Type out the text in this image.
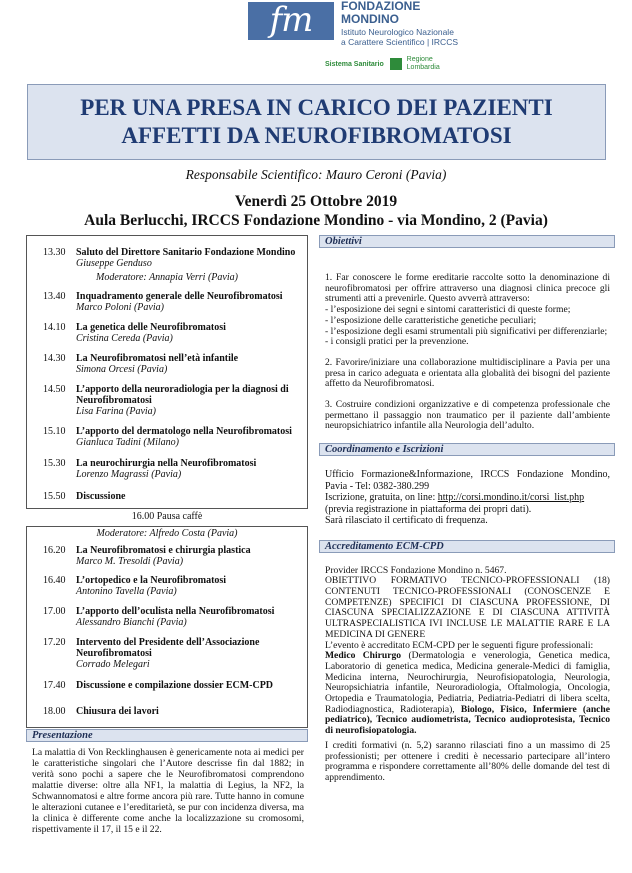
fm	FONDAZIONE
MONDINO
Istituto Neurologico Nazionale
a Carattere Scientifico | IRCCS
Sistema Sanitario  Regione
Lombardia
PER UNA PRESA IN CARICO DEI PAZIENTI
AFFETTI DA NEUROFIBROMATOSI
Responsabile Scientifico: Mauro Ceroni (Pavia)
Venerdì 25 Ottobre 2019
Aula Berlucchi, IRCCS Fondazione Mondino - via Mondino, 2 (Pavia)
13.30	Saluto del Direttore Sanitario Fondazione Mondino
Giuseppe Genduso
Moderatore: Annapia Verri (Pavia)
13.40	Inquadramento generale delle Neurofibromatosi
Marco Poloni (Pavia)
14.10	La genetica delle Neurofibromatosi
Cristina Cereda (Pavia)
14.30	La Neurofibromatosi nell’età infantile
Simona Orcesi (Pavia)
14.50	L’apporto della neuroradiologia per la diagnosi di Neurofibromatosi
Lisa Farina (Pavia)
15.10	L’apporto del dermatologo nella Neurofibromatosi
Gianluca Tadini (Milano)
15.30	La neurochirurgia nella Neurofibromatosi
Lorenzo Magrassi (Pavia)
15.50	Discussione
Moderatore: Alfredo Costa (Pavia)
16.20	La Neurofibromatosi e chirurgia plastica
Marco M. Tresoldi (Pavia)
16.40	L’ortopedico e la Neurofibromatosi
Antonino Tavella (Pavia)
17.00	L’apporto dell’oculista nella Neurofibromatosi
Alessandro Bianchi (Pavia)
17.20	Intervento del Presidente dell’Associazione Neurofibromatosi
Corrado Melegari
17.40	Discussione e compilazione dossier ECM-CPD
18.00	Chiusura dei lavori
16.00 Pausa caffè
Presentazione
La malattia di Von Recklinghausen è genericamente nota ai medici per le caratteristiche singolari che l’Autore descrisse fin dal 1882; in verità sono pochi a sapere che le Neurofibromatosi comprendono malattie diverse: oltre alla NF1, la malattia di Legius, la NF2, la Schwannomatosi e altre forme ancora più rare. Tutte hanno in comune le alterazioni cutanee e l’ereditarietà, se pur con incidenza diversa, ma la clinica è differente come anche la localizzazione su cromosomi, rispettivamente il 17, il 15 e il 22.
Obiettivi

1. Far conoscere le forme ereditarie raccolte sotto la denominazione di neurofibromatosi per offrire attraverso una diagnosi clinica precoce gli strumenti atti a prevenirle. Questo avverrà attraverso:

- l’esposizione dei segni e sintomi caratteristici di queste forme;

- l’esposizione delle caratteristiche genetiche peculiari;

- l’esposizione degli esami strumentali più significativi per differenziarle;

- i consigli pratici per la prevenzione.

2. Favorire/iniziare una collaborazione multidisciplinare a Pavia per una presa in carico adeguata e orientata alla globalità dei bisogni del paziente affetto da Neurofibromatosi.

3. Costruire condizioni organizzative e di competenza professionale che permettano il passaggio non traumatico per il paziente dall’ambiente neuropsichiatrico infantile alla Neurologia dell’adulto.

Coordinamento e Iscrizioni

Ufficio Formazione&Informazione, IRCCS Fondazione Mondino, Pavia - Tel: 0382-380.299

Iscrizione, gratuita, on line: http://corsi.mondino.it/corsi_list.php

(previa registrazione in piattaforma dei propri dati).

Sarà rilasciato il certificato di frequenza.

Accreditamento ECM-CPD

Provider IRCCS Fondazione Mondino n. 5467.

OBIETTIVO FORMATIVO TECNICO-PROFESSIONALI (18) CONTENUTI TECNICO-PROFESSIONALI (CONOSCENZE E COMPETENZE) SPECIFICI DI CIASCUNA PROFESSIONE, DI CIASCUNA SPECIALIZZAZIONE E DI CIASCUNA ATTIVITÀ ULTRASPECIALISTICA IVI INCLUSE LE MALATTIE RARE E LA MEDICINA DI GENERE

L’evento è accreditato ECM-CPD per le seguenti figure professionali:

Medico Chirurgo (Dermatologia e venerologia, Genetica medica, Laboratorio di genetica medica, Medicina generale-Medici di famiglia, Medicina interna, Neurochirurgia, Neurofisiopatologia, Neurologia, Neuropsichiatria infantile, Neuroradiologia, Oftalmologia, Oncologia, Ortopedia e Traumatologia, Pediatria, Pediatria-Pediatri di libera scelta, Radiodiagnostica, Radioterapia), Biologo, Fisico, Infermiere (anche pediatrico), Tecnico audiometrista, Tecnico audioprotesista, Tecnico di neurofisiopatologia.

I crediti formativi (n. 5,2) saranno rilasciati fino a un massimo di 25 professionisti; per ottenere i crediti è necessario partecipare all’intero programma e rispondere correttamente all’80% delle domande del test di apprendimento.
